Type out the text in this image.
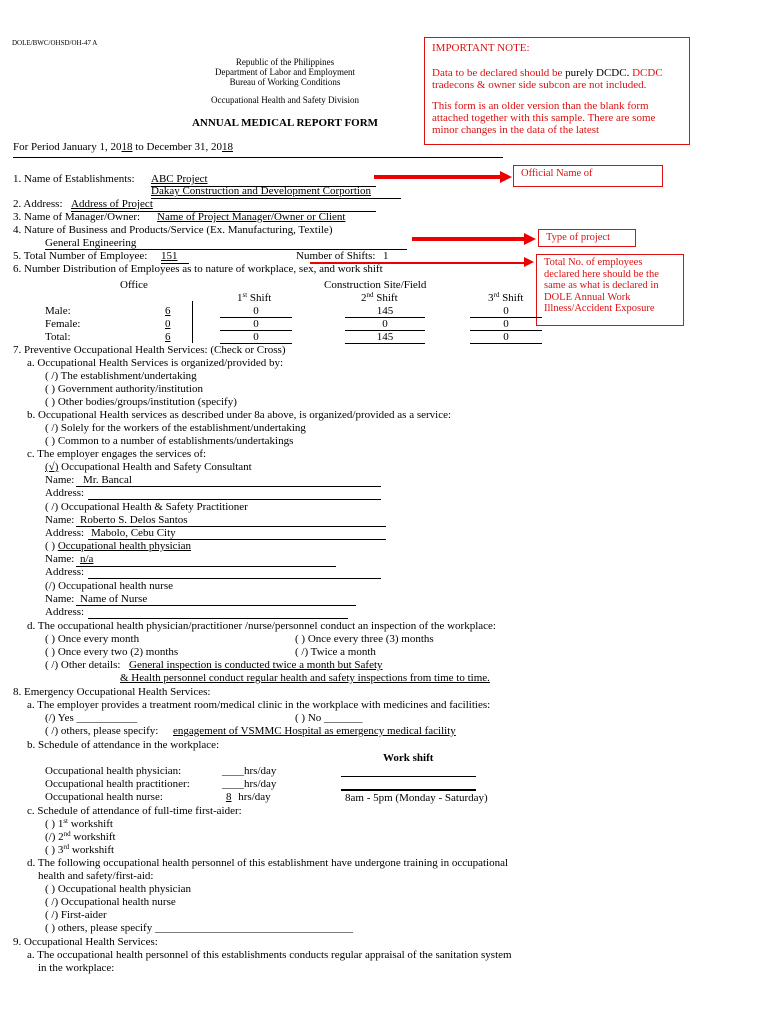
DOLE/BWC/OHSD/OH-47 A
Republic of the Philippines
Department of Labor and Employment
Bureau of Working Conditions
Occupational Health and Safety Division
ANNUAL MEDICAL REPORT FORM

IMPORTANT NOTE:

Data to be declared should be purely DCDC. DCDC tradecons & owner side subcon are not included.

This form is an older version than the blank form attached together with this sample. There are some minor changes in the data of the latest

For Period January 1, 2018 to December 31, 2018
Official Name of
Type of project
Total No. of employees declared here should be the same as what is declared in DOLE Annual Work Illness/Accident Exposure
1. Name of Establishments: ABC Project
Dakay Construction and Development Corportion
2. Address: Address of Project
3. Name of Manager/Owner: Name of Project Manager/Owner or Client
4. Nature of Business and Products/Service (Ex. Manufacturing, Textile)
General Engineering
5. Total Number of Employee: 151	Number of Shifts: 1
6. Number Distribution of Employees as to nature of workplace, sex, and work shift
Office	Construction Site/Field
1st Shift	2nd Shift	3rd Shift
Male:	6	0	145	0
Female:	0	0	0	0
Total:	6	0	145	0
7. Preventive Occupational Health Services: (Check or Cross)
a. Occupational Health Services is organized/provided by:
( /) The establishment/undertaking
( ) Government authority/institution
( ) Other bodies/groups/institution (specify)
b. Occupational Health services as described under 8a above, is organized/provided as a service:
( /) Solely for the workers of the establishment/undertaking
( ) Common to a number of establishments/undertakings
c. The employer engages the services of:
(√) Occupational Health and Safety Consultant
Name: Mr. Bancal
Address:
( /) Occupational Health & Safety Practitioner
Name: Roberto S. Delos Santos
Address: Mabolo, Cebu City
( ) Occupational health physician
Name: n/a
Address:
(/) Occupational health nurse
Name: Name of Nurse
Address:
d. The occupational health physician/practitioner /nurse/personnel conduct an inspection of the workplace:
( ) Once every month	( ) Once every three (3) months
( ) Once every two (2) months	( /) Twice a month
( /) Other details: General inspection is conducted twice a month but Safety
& Health personnel conduct regular health and safety inspections from time to time.
8. Emergency Occupational Health Services:
a. The employer provides a treatment room/medical clinic in the workplace with medicines and facilities:
(/) Yes ___________	( ) No _______
( /) others, please specify: engagement of VSMMC Hospital as emergency medical facility
b. Schedule of attendance in the workplace:
Work shift
Occupational health physician:	____hrs/day
Occupational health practitioner:	____hrs/day
Occupational health nurse:	8 hrs/day	8am - 5pm (Monday - Saturday)
c. Schedule of attendance of full-time first-aider:
( ) 1st workshift
(/) 2nd workshift
( ) 3rd workshift
d. The following occupational health personnel of this establishment have undergone training in occupational
health and safety/first-aid:
( ) Occupational health physician
( /) Occupational health nurse
( /) First-aider
( ) others, please specify ____________________________________
9. Occupational Health Services:
a. The occupational health personnel of this establishments conducts regular appraisal of the sanitation system
in the workplace:
